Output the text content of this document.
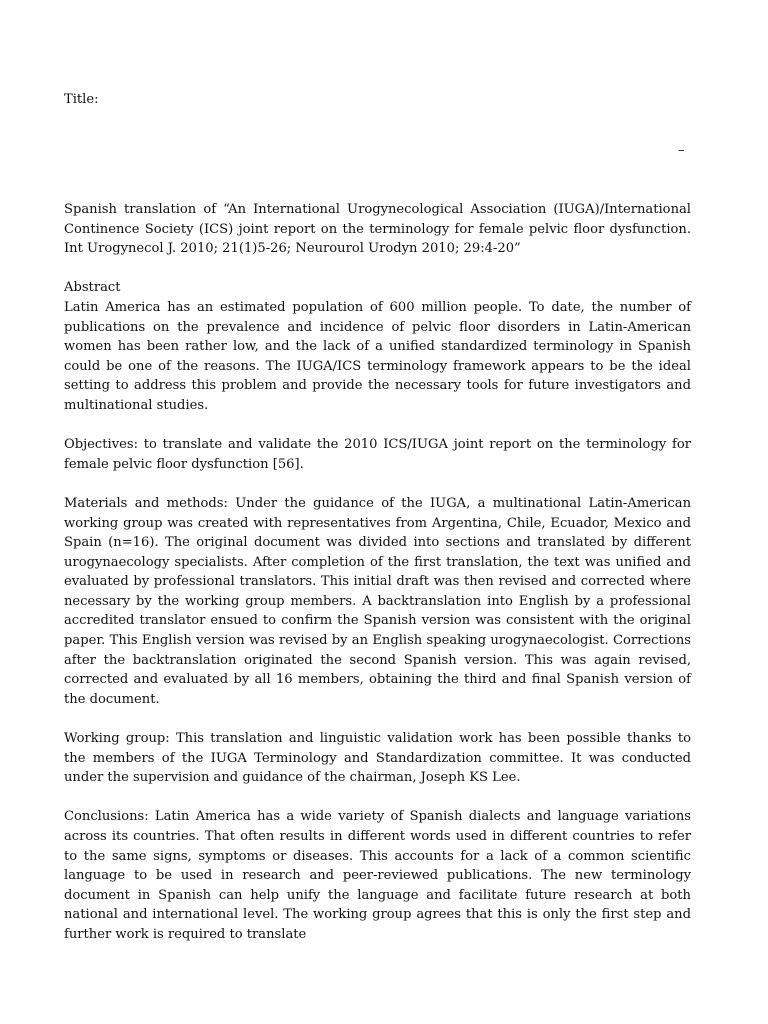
Title:
–

Spanish translation of “An International Urogynecological Association (IUGA)/International Continence Society (ICS) joint report on the terminology for female pelvic floor dysfunction. Int Urogynecol J. 2010; 21(1)5-26; Neurourol Urodyn 2010; 29:4-20”

Abstract

Latin America has an estimated population of 600 million people. To date, the number of publications on the prevalence and incidence of pelvic floor disorders in Latin-American women has been rather low, and the lack of a unified standardized terminology in Spanish could be one of the reasons. The IUGA/ICS terminology framework appears to be the ideal setting to address this problem and provide the necessary tools for future investigators and multinational studies.

Objectives: to translate and validate the 2010 ICS/IUGA joint report on the terminology for female pelvic floor dysfunction [56].

Materials and methods: Under the guidance of the IUGA, a multinational Latin-American working group was created with representatives from Argentina, Chile, Ecuador, Mexico and Spain (n=16). The original document was divided into sections and translated by different urogynaecology specialists. After completion of the first translation, the text was unified and evaluated by professional translators. This initial draft was then revised and corrected where necessary by the working group members. A backtranslation into English by a professional accredited translator ensued to confirm the Spanish version was consistent with the original paper. This English version was revised by an English speaking urogynaecologist. Corrections after the backtranslation originated the second Spanish version. This was again revised, corrected and evaluated by all 16 members, obtaining the third and final Spanish version of the document.

Working group: This translation and linguistic validation work has been possible thanks to the members of the IUGA Terminology and Standardization committee. It was conducted under the supervision and guidance of the chairman, Joseph KS Lee.

Conclusions: Latin America has a wide variety of Spanish dialects and language variations across its countries. That often results in different words used in different countries to refer to the same signs, symptoms or diseases. This accounts for a lack of a common scientific language to be used in research and peer-reviewed publications. The new terminology document in Spanish can help unify the language and facilitate future research at both national and international level. The working group agrees that this is only the first step and further work is required to translate
